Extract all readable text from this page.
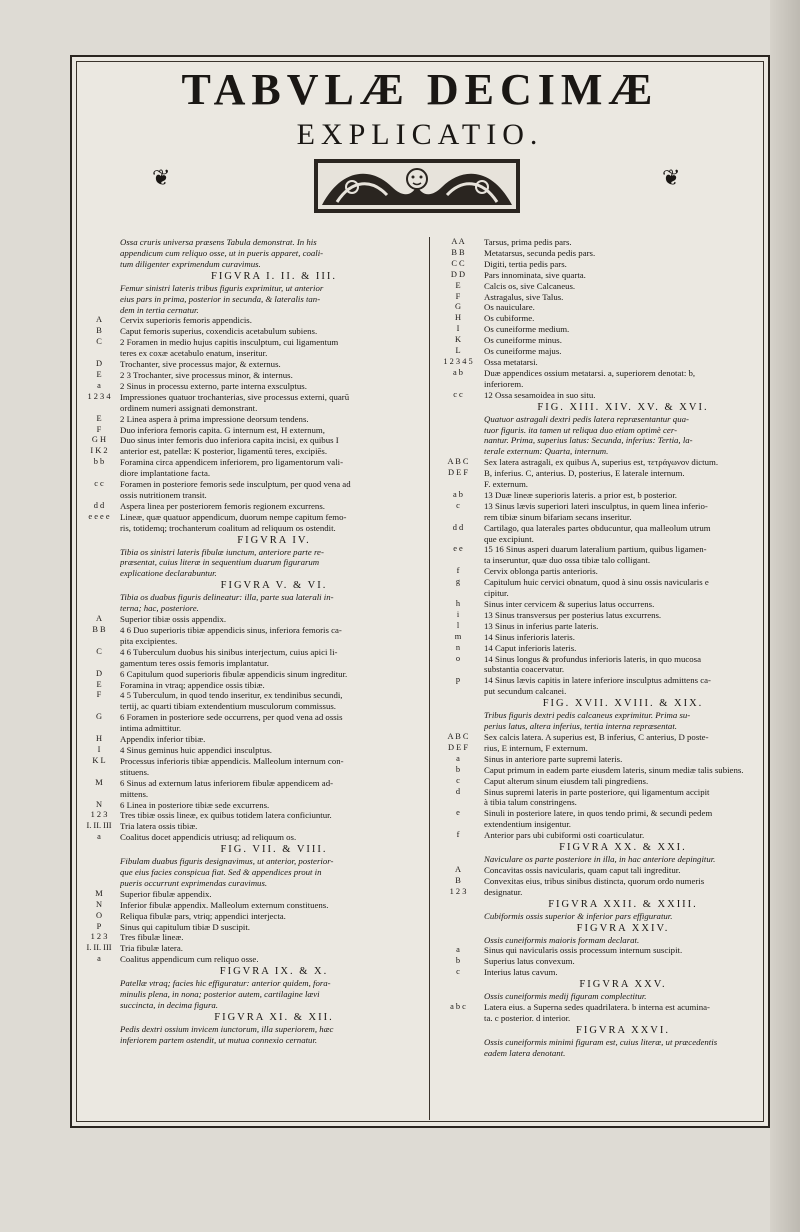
TABVLÆ DECIMÆ
EXPLICATIO.
❦	❦
Ossa cruris universa præsens Tabula demonstrat. In his
appendicum cum reliquo osse, ut in pueris apparet, coali-
tum diligenter exprimendum curavimus.
FIGVRA I. II. & III.
Femur sinistri lateris tribus figuris exprimitur, ut anterior
eius pars in prima, posterior in secunda, & lateralis tan-
dem in tertia cernatur.
A	Cervix superioris femoris appendicis.
B	Caput femoris superius, coxendicis acetabulum subiens.
C	2 Foramen in medio hujus capitis insculptum, cui ligamentum
teres ex coxæ acetabulo enatum, inseritur.
D	Trochanter, sive processus major, & externus.
E	2 3 Trochanter, sive processus minor, & internus.
a	2 Sinus in processu externo, parte interna exsculptus.
1 2 3 4	Impressiones quatuor trochanterias, sive processus externi, quarū
ordinem numeri assignati demonstrant.
E	2 Linea aspera à prima impressione deorsum tendens.
F	Duo inferiora femoris capita. G internum est, H externum,
G H	Duo sinus inter femoris duo inferiora capita incisi, ex quibus I
I K 2	anterior est, patellæ: K posterior, ligamentū teres, excipiēs.
b b	Foramina circa appendicem inferiorem, pro ligamentorum vali-
diore implantatione facta.
c c	Foramen in posteriore femoris sede insculptum, per quod vena ad
ossis nutritionem transit.
d d	Aspera linea per posteriorem femoris regionem excurrens.
e e e e	Lineæ, quæ quatuor appendicum, duorum nempe capitum femo-
ris, totidemq; trochanterum coalitum ad reliquum os ostendit.
FIGVRA IV.
Tibia os sinistri lateris fibulæ iunctum, anteriore parte re-
præsentat, cuius literæ in sequentium duarum figurarum
explicatione declarabuntur.
FIGVRA V. & VI.
Tibia os duabus figuris delineatur: illa, parte sua laterali in-
terna; hac, posteriore.
A	Superior tibiæ ossis appendix.
B B	4 6 Duo superioris tibiæ appendicis sinus, inferiora femoris ca-
pita excipientes.
C	4 6 Tuberculum duobus his sinibus interjectum, cuius apici li-
gamentum teres ossis femoris implantatur.
D	6 Capitulum quod superioris fibulæ appendicis sinum ingreditur.
E	Foramina in vtraq; appendice ossis tibiæ.
F	4 5 Tuberculum, in quod tendo inseritur, ex tendinibus secundi,
tertij, ac quarti tibiam extendentium musculorum commissus.
G	6 Foramen in posteriore sede occurrens, per quod vena ad ossis
intima admittitur.
H	Appendix inferior tibiæ.
I	4 Sinus geminus huic appendici insculptus.
K L	Processus inferioris tibiæ appendicis. Malleolum internum con-
stituens.
M	6 Sinus ad externum latus inferiorem fibulæ appendicem ad-
mittens.
N	6 Linea in posteriore tibiæ sede excurrens.
1 2 3	Tres tibiæ ossis lineæ, ex quibus totidem latera conficiuntur.
I. II. III Tria latera ossis tibiæ.
a	Coalitus docet appendicis utriusq; ad reliquum os.
FIG. VII. & VIII.
Fibulam duabus figuris designavimus, ut anterior, posterior-
que eius facies conspicua fiat. Sed & appendices prout in
pueris occurrunt exprimendas curavimus.
M	Superior fibulæ appendix.
N	Inferior fibulæ appendix. Malleolum externum constituens.
O	Reliqua fibulæ pars, vtriq; appendici interjecta.
P	Sinus qui capitulum tibiæ D suscipit.
1 2 3	Tres fibulæ lineæ.
I. II. III Tria fibulæ latera.
a	Coalitus appendicum cum reliquo osse.
FIGVRA IX. & X.
Patellæ vtraq; facies hic effiguratur: anterior quidem, fora-
minulis plena, in nona; posterior autem, cartilagine lævi
succincta, in decima figura.
FIGVRA XI. & XII.
Pedis dextri ossium invicem iunctorum, illa superiorem, hæc
inferiorem partem ostendit, ut mutua connexio cernatur.
A A	Tarsus, prima pedis pars.
B B	Metatarsus, secunda pedis pars.
C C	Digiti, tertia pedis pars.
D D	Pars innominata, sive quarta.
E	Calcis os, sive Calcaneus.
F	Astragalus, sive Talus.
G	Os nauiculare.
H	Os cubiforme.
I	Os cuneiforme medium.
K	Os cuneiforme minus.
L	Os cuneiforme majus.
1 2 3 4 5	Ossa metatarsi.
a b	Duæ appendices ossium metatarsi. a, superiorem denotat: b,
inferiorem.
c c	12 Ossa sesamoidea in suo situ.
FIG. XIII. XIV. XV. & XVI.
Quatuor astragali dextri pedis latera repræsentantur qua-
tuor figuris. ita tamen ut reliqua duo etiam optimè cer-
nantur. Prima, superius latus: Secunda, inferius: Tertia, la-
terale externum: Quarta, internum.
A B C	Sex latera astragali, ex quibus A, superius est, τετράγωνον dictum.
D E F	B, inferius. C, anterius. D, posterius, E laterale internum.
F. externum.
a b	13 Duæ lineæ superioris lateris. a prior est, b posterior.
c	13 Sinus lævis superiori lateri insculptus, in quem linea inferio-
rem tibiæ sinum bifariam secans inseritur.
d d	Cartilago, qua laterales partes obducuntur, qua malleolum utrum
que excipiunt.
e e	15 16 Sinus asperi duarum lateralium partium, quibus ligamen-
ta inseruntur, quæ duo ossa tibiæ talo colligant.
f	Cervix oblonga partis anterioris.
g	Capitulum huic cervici obnatum, quod à sinu ossis navicularis e
cipitur.
h	Sinus inter cervicem & superius latus occurrens.
i	13 Sinus transversus per posterius latus excurrens.
l	13 Sinus in inferius parte lateris.
m	14 Sinus inferioris lateris.
n	14 Caput inferioris lateris.
o	14 Sinus longus & profundus inferioris lateris, in quo mucosa
substantia coacervatur.
p	14 Sinus lævis capitis in latere inferiore insculptus admittens ca-
put secundum calcanei.
FIG. XVII. XVIII. & XIX.
Tribus figuris dextri pedis calcaneus exprimitur. Prima su-
perius latus, altera inferius, tertia interna repræsentat.
A B C	Sex calcis latera. A superius est, B inferius, C anterius, D poste-
D E F	rius, E internum, F externum.
a	Sinus in anteriore parte supremi lateris.
b	Caput primum in eadem parte eiusdem lateris, sinum mediæ talis subiens.
c	Caput alterum sinum eiusdem tali pingrediens.
d	Sinus supremi lateris in parte posteriore, qui ligamentum accipit
à tibia talum constringens.
e	Sinuli in posteriore latere, in quos tendo primi, & secundi pedem
extendentium insigentur.
f	Anterior pars ubi cubiformi osti coarticulatur.
FIGVRA XX. & XXI.
Naviculare os parte posteriore in illa, in hac anteriore depingitur.
A	Concavitas ossis navicularis, quam caput tali ingreditur.
B	Convexitas eius, tribus sinibus distincta, quorum ordo numeris
1 2 3	designatur.
FIGVRA XXII. & XXIII.
Cubiformis ossis superior & inferior pars effiguratur.
FIGVRA XXIV.
Ossis cuneiformis maioris formam declarat.
a	Sinus qui navicularis ossis processum internum suscipit.
b	Superius latus convexum.
c	Interius latus cavum.
FIGVRA XXV.
Ossis cuneiformis medij figuram complectitur.
a b c	Latera eius. a Superna sedes quadrilatera. b interna est acumina-
ta. c posterior. d interior.
FIGVRA XXVI.
Ossis cuneiformis minimi figuram est, cuius literæ, ut præcedentis
eadem latera denotant.
